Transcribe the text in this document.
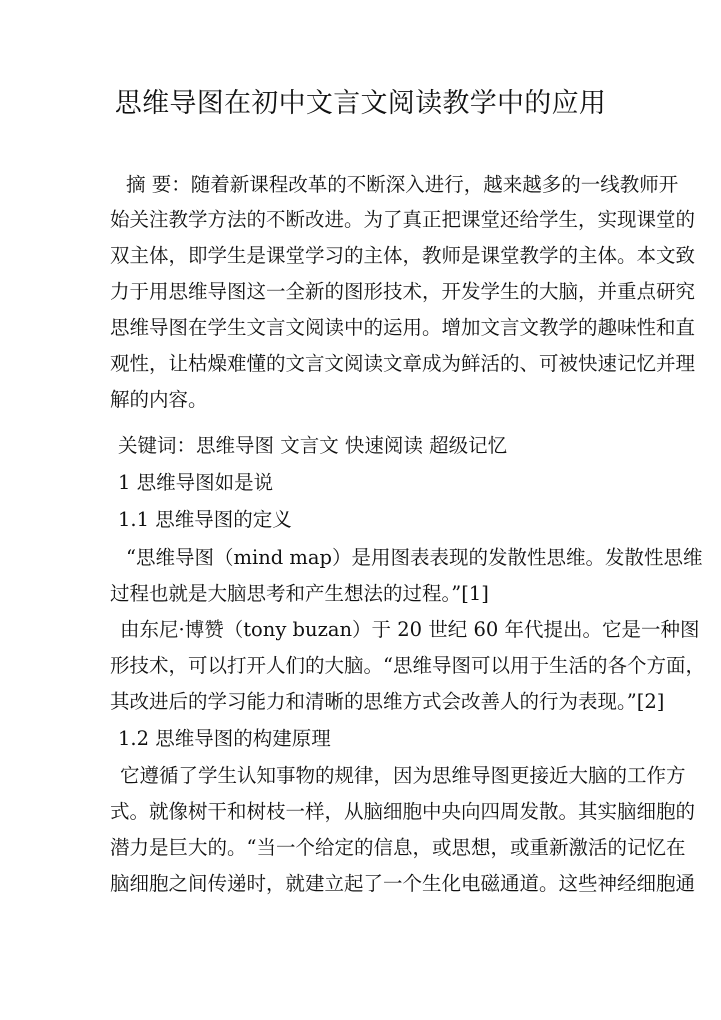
思维导图在初中文言文阅读教学中的应用
摘 要：随着新课程改革的不断深入进行，越来越多的一线教师开
始关注教学方法的不断改进。为了真正把课堂还给学生，实现课堂的
双主体，即学生是课堂学习的主体，教师是课堂教学的主体。本文致
力于用思维导图这一全新的图形技术，开发学生的大脑，并重点研究
思维导图在学生文言文阅读中的运用。增加文言文教学的趣味性和直
观性，让枯燥难懂的文言文阅读文章成为鲜活的、可被快速记忆并理
解的内容。
关键词：思维导图 文言文 快速阅读 超级记忆
1 思维导图如是说
1.1 思维导图的定义
“思维导图（mind map）是用图表表现的发散性思维。发散性思维
过程也就是大脑思考和产生想法的过程。”[1]
由东尼·博赞（tony buzan）于 20 世纪 60 年代提出。它是一种图
形技术，可以打开人们的大脑。“思维导图可以用于生活的各个方面，
其改进后的学习能力和清晰的思维方式会改善人的行为表现。”[2]
1.2 思维导图的构建原理
它遵循了学生认知事物的规律，因为思维导图更接近大脑的工作方
式。就像树干和树枝一样，从脑细胞中央向四周发散。其实脑细胞的
潜力是巨大的。“当一个给定的信息，或思想，或重新激活的记忆在
脑细胞之间传递时，就建立起了一个生化电磁通道。这些神经细胞通
